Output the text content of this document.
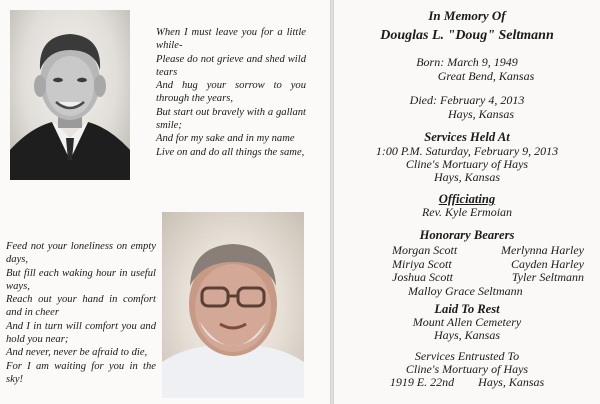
When I must leave you for a little while-

Please do not grieve and shed wild tears

And hug your sorrow to you through the years,

But start out bravely with a gallant smile;

And for my sake and in my name

Live on and do all things the same,

Feed not your loneliness on empty days,

But fill each waking hour in useful ways,

Reach out your hand in comfort and in cheer

And I in turn will comfort you and hold you near;

And never, never be afraid to die,

For I am waiting for you in the sky!

In Memory Of
Douglas L. "Doug" Seltmann
Born: March 9, 1949
Great Bend, Kansas
Died: February 4, 2013
Hays, Kansas
Services Held At
1:00 P.M. Saturday, February 9, 2013
Cline's Mortuary of Hays
Hays, Kansas
Officiating
Rev. Kyle Ermoian
Honorary Bearers
Morgan Scott	Merlynna Harley
Miriya Scott	Cayden Harley
Joshua Scott	Tyler Seltmann
Malloy Grace Seltmann
Laid To Rest
Mount Allen Cemetery
Hays, Kansas
Services Entrusted To
Cline's Mortuary of Hays
1919 E. 22nd Hays, Kansas
